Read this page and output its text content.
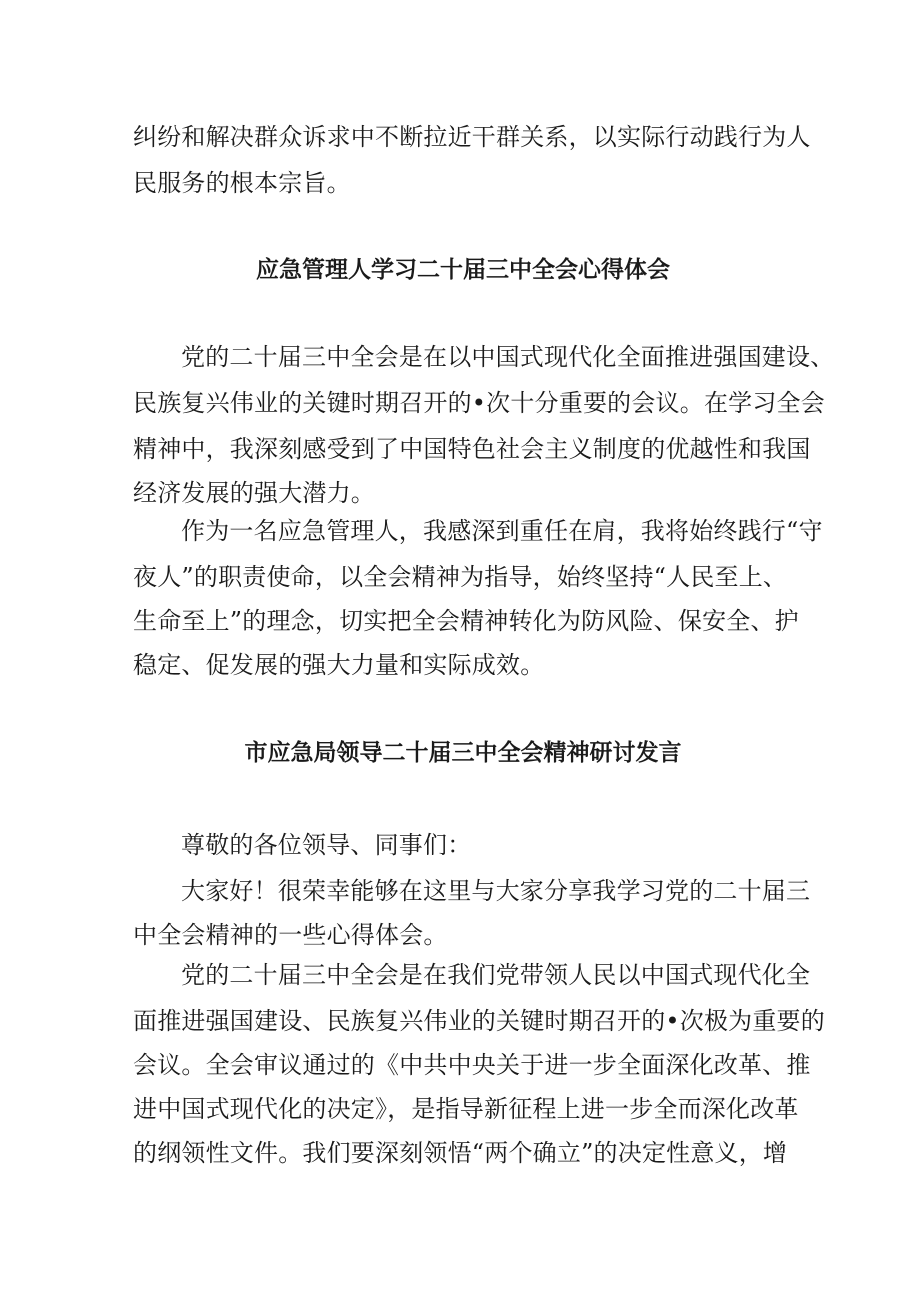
纠纷和解决群众诉求中不断拉近干群关系，以实际行动践行为人
民服务的根本宗旨。
应急管理人学习二十届三中全会心得体会
党的二十届三中全会是在以中国式现代化全面推进强国建设、
民族复兴伟业的关键时期召开的•次十分重要的会议。在学习全会
精神中，我深刻感受到了中国特色社会主义制度的优越性和我国
经济发展的强大潜力。
作为一名应急管理人，我感深到重任在肩，我将始终践行“守
夜人”的职责使命，以全会精神为指导，始终坚持“人民至上、
生命至上”的理念，切实把全会精神转化为防风险、保安全、护
稳定、促发展的强大力量和实际成效。
市应急局领导二十届三中全会精神研讨发言
尊敬的各位领导、同事们：
大家好！很荣幸能够在这里与大家分享我学习党的二十届三
中全会精神的一些心得体会。
党的二十届三中全会是在我们党带领人民以中国式现代化全
面推进强国建设、民族复兴伟业的关键时期召开的•次极为重要的
会议。全会审议通过的《中共中央关于进一步全面深化改革、推
进中国式现代化的决定》，是指导新征程上进一步全而深化改革
的纲领性文件。我们要深刻领悟“两个确立”的决定性意义，增
